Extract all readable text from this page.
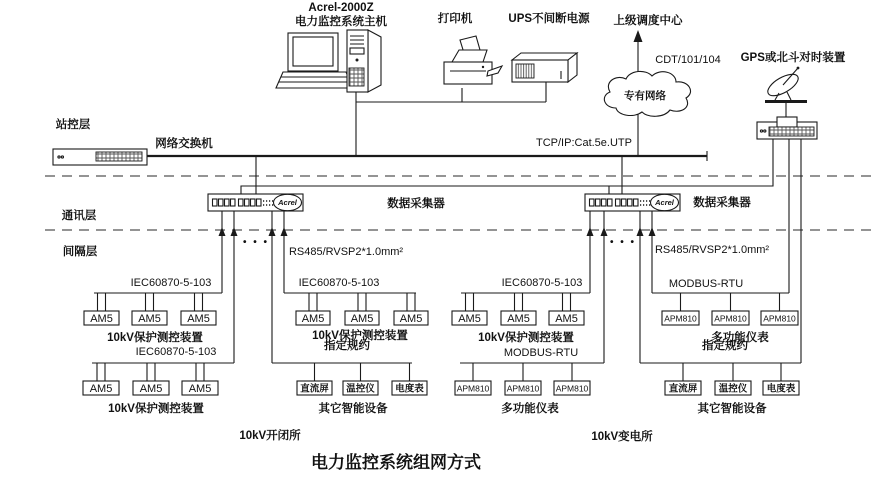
站控层
通讯层
间隔层
Acrel-2000Z
电力监控系统主机	打印机	UPS不间断电源 上级调度中心
CDT/101/104
专有网络
GPS或北斗对时装置
网络交换机	TCP/IP:Cat.5e.UTP
Acrel	数据采集器	Acrel 数据采集器
• • •	• • •
RS485/RVSP2*1.0mm²	RS485/RVSP2*1.0mm²
IEC60870-5-103	IEC60870-5-103	IEC60870-5-103	MODBUS-RTU
IEC60870-5-103	MODBUS-RTU
AM5 AM5 AM5
10kV保护测控装置
AM5 AM5 AM5
10kV保护测控装置
指定规约
AM5 AM5 AM5
10kV保护测控装置
APM810 APM810 APM810
多功能仪表
指定规约
AM5 AM5 AM5
10kV保护测控装置
直流屏 温控仪 电度表
其它智能设备
APM810 APM810 APM810
多功能仪表
直流屏 温控仪 电度表
其它智能设备
10kV开闭所	10kV变电所
电力监控系统组网方式
